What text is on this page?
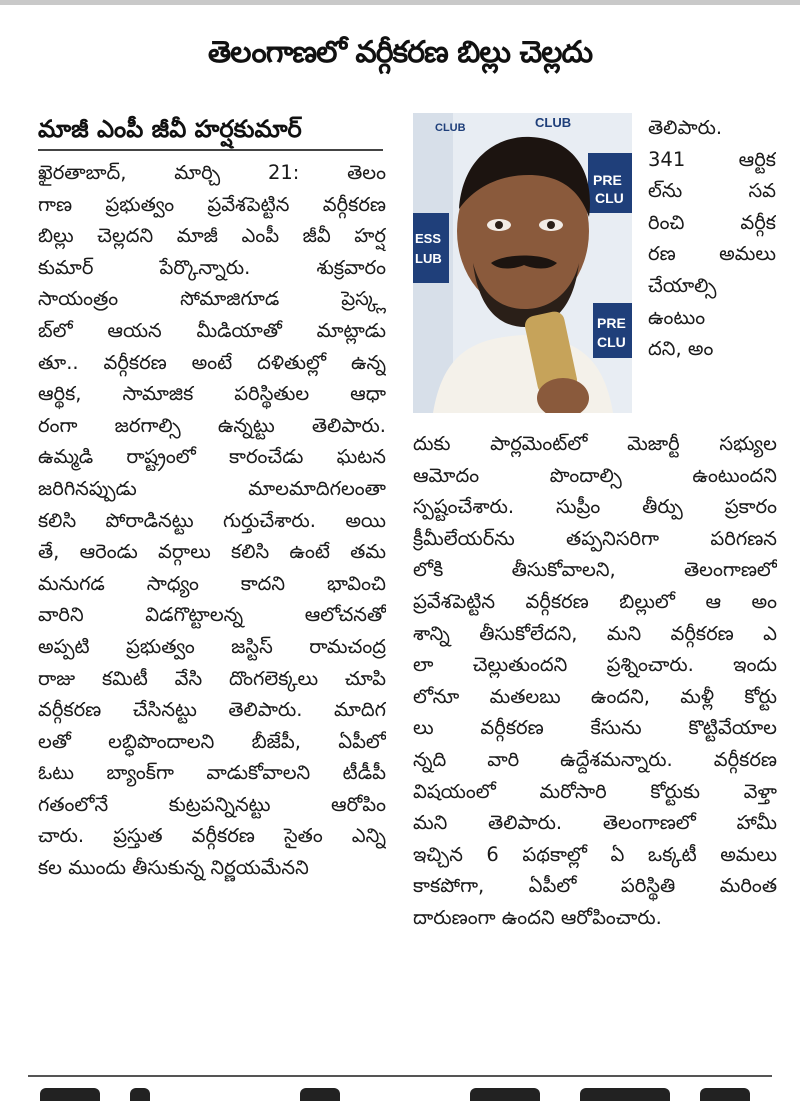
తెలంగాణలో వర్గీకరణ బిల్లు చెల్లదు
మాజీ ఎంపీ జీవీ హర్షకుమార్
ఖైరతాబాద్, మార్చి 21: తెలం
గాణ ప్రభుత్వం ప్రవేశపెట్టిన వర్గీకరణ
బిల్లు చెల్లదని మాజీ ఎంపీ జీవీ హర్ష
కుమార్ పేర్కొన్నారు. శుక్రవారం
సాయంత్రం సోమాజిగూడ ప్రెస్క్ల
బ్‌లో ఆయన మీడియాతో మాట్లాడు
తూ.. వర్గీకరణ అంటే దళితుల్లో ఉన్న
ఆర్థిక, సామాజిక పరిస్థితుల ఆధా
రంగా జరగాల్సి ఉన్నట్టు తెలిపారు.
ఉమ్మడి రాష్ట్రంలో కారంచేడు ఘటన
జరిగినప్పుడు మాలమాదిగలంతా
కలిసి పోరాడినట్టు గుర్తుచేశారు. అయి
తే, ఆరెండు వర్గాలు కలిసి ఉంటే తమ
మనుగడ సాధ్యం కాదని భావించి
వారిని విడగొట్టాలన్న ఆలోచనతో
అప్పటి ప్రభుత్వం జస్టిస్ రామచంద్ర
రాజు కమిటీ వేసి దొంగలెక్కలు చూపి
వర్గీకరణ చేసినట్టు తెలిపారు. మాదిగ
లతో లబ్ధిపొందాలని బీజేపీ, ఏపీలో
ఓటు బ్యాంక్‌గా వాడుకోవాలని టీడీపీ
గతంలోనే కుట్రపన్నినట్టు ఆరోపిం
చారు. ప్రస్తుత వర్గీకరణ సైతం ఎన్ని
కల ముందు తీసుకున్న నిర్ణయమేనని
CLUB
CLUB
PRE
CLU
ESS
LUB
PRE
CLU
తెలిపారు.
341 ఆర్టిక
ల్‌ను సవ
రించి వర్గీక
రణ అమలు
చేయాల్సి
ఉంటుం
దని, అం
దుకు పార్లమెంట్‌లో మెజార్టీ సభ్యుల
ఆమోదం పొందాల్సి ఉంటుందని
స్పష్టంచేశారు. సుప్రీం తీర్పు ప్రకారం
క్రీమీలేయర్‌ను తప్పనిసరిగా పరిగణన
లోకి తీసుకోవాలని, తెలంగాణలో
ప్రవేశపెట్టిన వర్గీకరణ బిల్లులో ఆ అం
శాన్ని తీసుకోలేదని, మని వర్గీకరణ ఎ
లా చెల్లుతుందని ప్రశ్నించారు. ఇందు
లోనూ మతలబు ఉందని, మళ్లీ కోర్టు
లు వర్గీకరణ కేసును కొట్టివేయాల
న్నది వారి ఉద్దేశమన్నారు. వర్గీకరణ
విషయంలో మరోసారి కోర్టుకు వెళ్తా
మని తెలిపారు. తెలంగాణలో హామీ
ఇచ్చిన 6 పథకాల్లో ఏ ఒక్కటీ అమలు
కాకపోగా, ఏపీలో పరిస్థితి మరింత
దారుణంగా ఉందని ఆరోపించారు.
